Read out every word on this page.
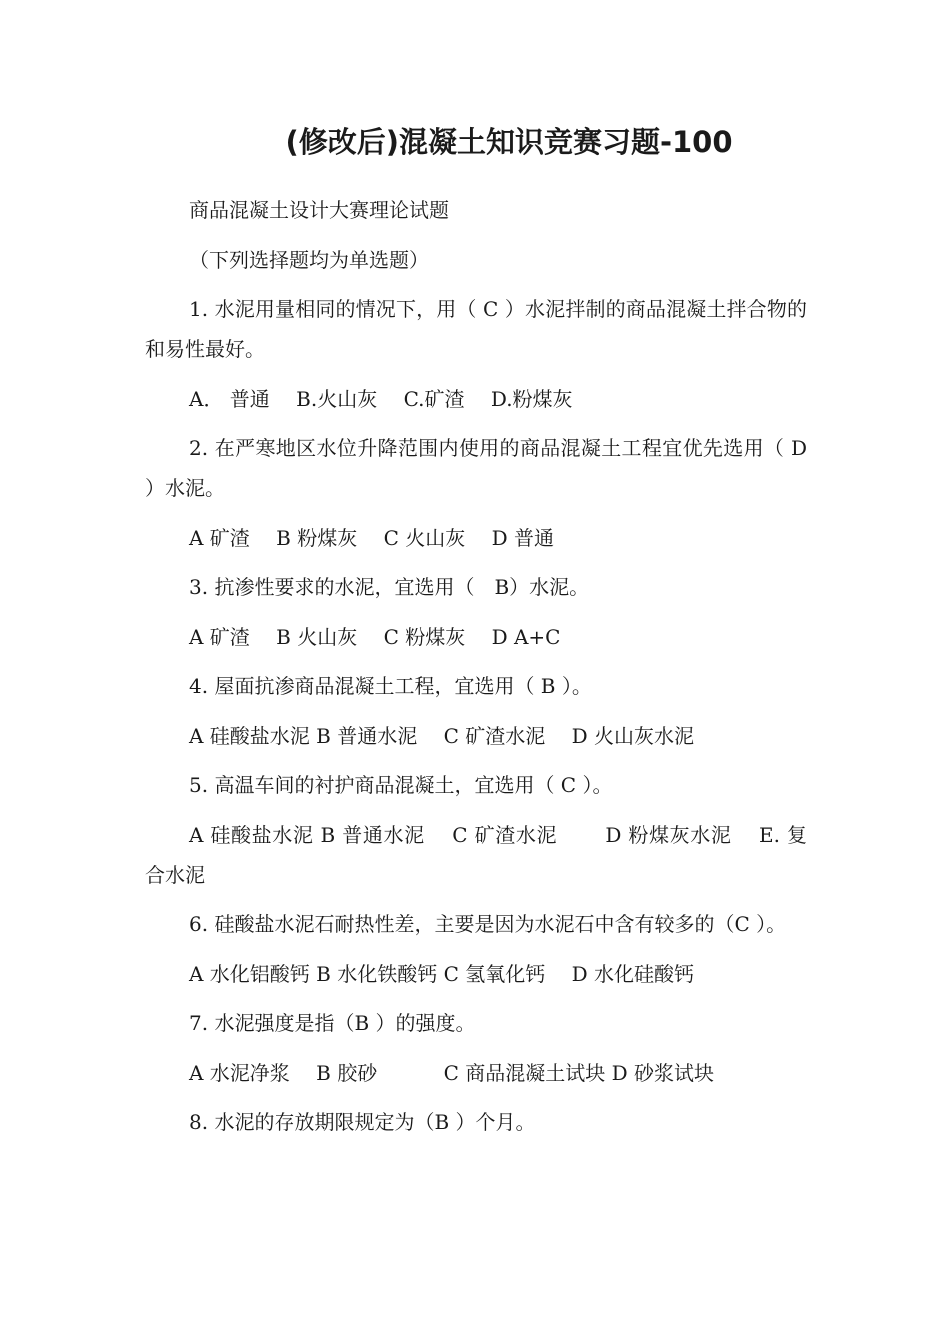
(修改后)混凝土知识竞赛习题-100

商品混凝土设计大赛理论试题

（下列选择题均为单选题）

1. 水泥用量相同的情况下，用（ C ）水泥拌制的商品混凝土拌合物的和易性最好。

A． 普通　 B.火山灰　 C.矿渣　 D.粉煤灰

2. 在严寒地区水位升降范围内使用的商品混凝土工程宜优先选用（ D ）水泥。

A 矿渣　 B 粉煤灰　 C 火山灰　 D 普通

3. 抗渗性要求的水泥，宜选用（　B）水泥。

A 矿渣　 B 火山灰　 C 粉煤灰　 D A+C

4. 屋面抗渗商品混凝土工程，宜选用（ B ）。

A 硅酸盐水泥 B 普通水泥　 C 矿渣水泥　 D 火山灰水泥

5. 高温车间的衬护商品混凝土，宜选用（ C ）。

A 硅酸盐水泥 B 普通水泥　 C 矿渣水泥　　 D 粉煤灰水泥　 E. 复合水泥

6. 硅酸盐水泥石耐热性差，主要是因为水泥石中含有较多的（C ）。

A 水化铝酸钙 B 水化铁酸钙 C 氢氧化钙　 D 水化硅酸钙

7. 水泥强度是指（B ）的强度。

A 水泥净浆　 B 胶砂　　　 C 商品混凝土试块 D 砂浆试块

8. 水泥的存放期限规定为（B ）个月。
